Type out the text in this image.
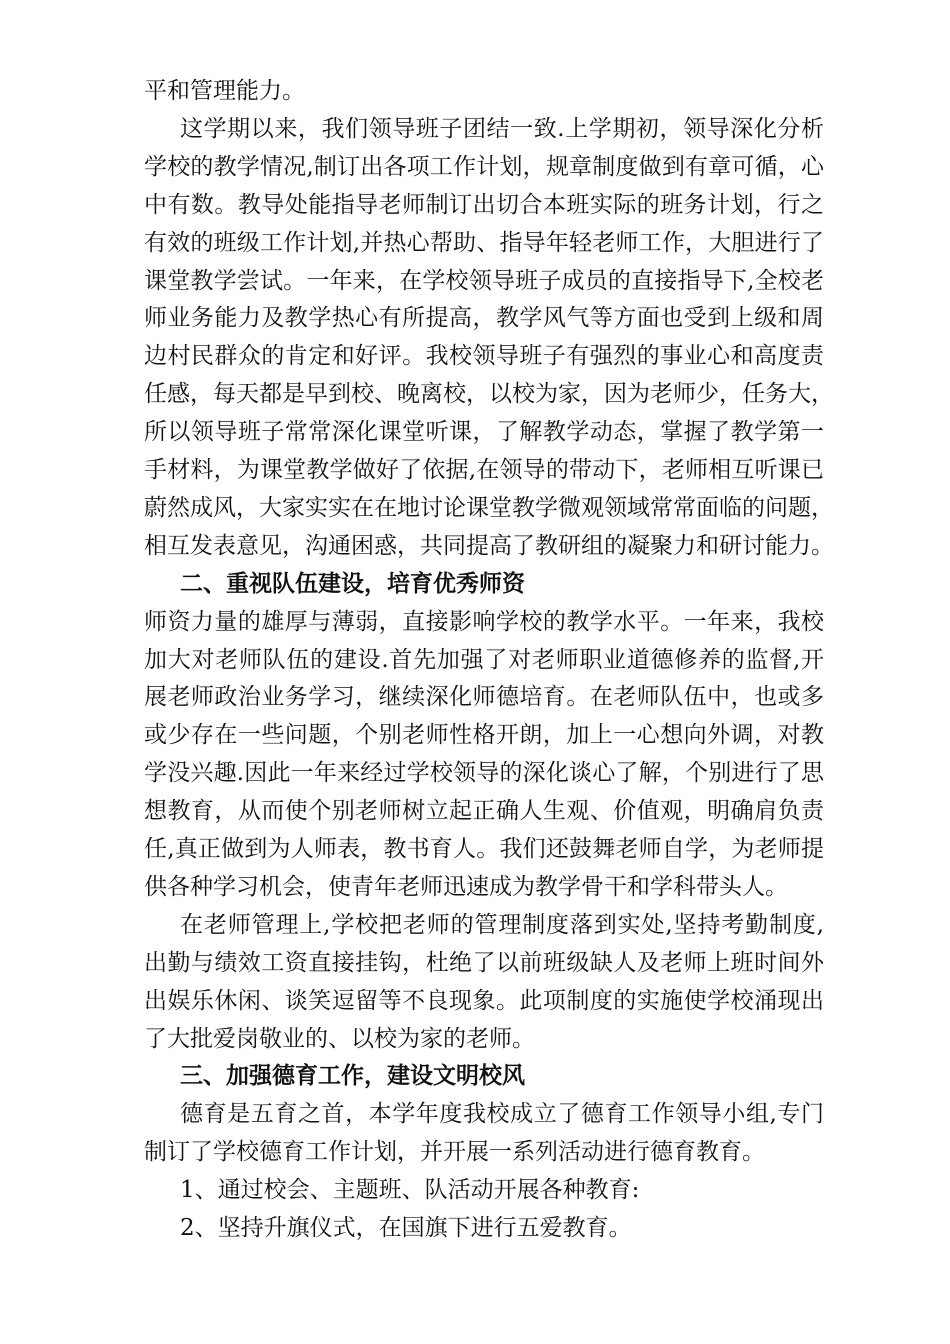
平和管理能力。
这学期以来，我们领导班子团结一致.上学期初，领导深化分析
学校的教学情况,制订出各项工作计划，规章制度做到有章可循，心
中有数。教导处能指导老师制订出切合本班实际的班务计划，行之
有效的班级工作计划,并热心帮助、指导年轻老师工作，大胆进行了
课堂教学尝试。一年来，在学校领导班子成员的直接指导下,全校老
师业务能力及教学热心有所提高，教学风气等方面也受到上级和周
边村民群众的肯定和好评。我校领导班子有强烈的事业心和高度责
任感，每天都是早到校、晚离校，以校为家，因为老师少，任务大，
所以领导班子常常深化课堂听课，了解教学动态，掌握了教学第一
手材料，为课堂教学做好了依据,在领导的带动下，老师相互听课已
蔚然成风，大家实实在在地讨论课堂教学微观领域常常面临的问题，
相互发表意见，沟通困惑，共同提高了教研组的凝聚力和研讨能力。
二、重视队伍建设，培育优秀师资
师资力量的雄厚与薄弱，直接影响学校的教学水平。一年来，我校
加大对老师队伍的建设.首先加强了对老师职业道德修养的监督,开
展老师政治业务学习，继续深化师德培育。在老师队伍中，也或多
或少存在一些问题，个别老师性格开朗，加上一心想向外调，对教
学没兴趣.因此一年来经过学校领导的深化谈心了解，个别进行了思
想教育，从而使个别老师树立起正确人生观、价值观，明确肩负责
任,真正做到为人师表，教书育人。我们还鼓舞老师自学，为老师提
供各种学习机会，使青年老师迅速成为教学骨干和学科带头人。
在老师管理上,学校把老师的管理制度落到实处,坚持考勤制度,
出勤与绩效工资直接挂钩，杜绝了以前班级缺人及老师上班时间外
出娱乐休闲、谈笑逗留等不良现象。此项制度的实施使学校涌现出
了大批爱岗敬业的、以校为家的老师。
三、加强德育工作，建设文明校风
德育是五育之首，本学年度我校成立了德育工作领导小组,专门
制订了学校德育工作计划，并开展一系列活动进行德育教育。
1、通过校会、主题班、队活动开展各种教育:
2、坚持升旗仪式，在国旗下进行五爱教育。
